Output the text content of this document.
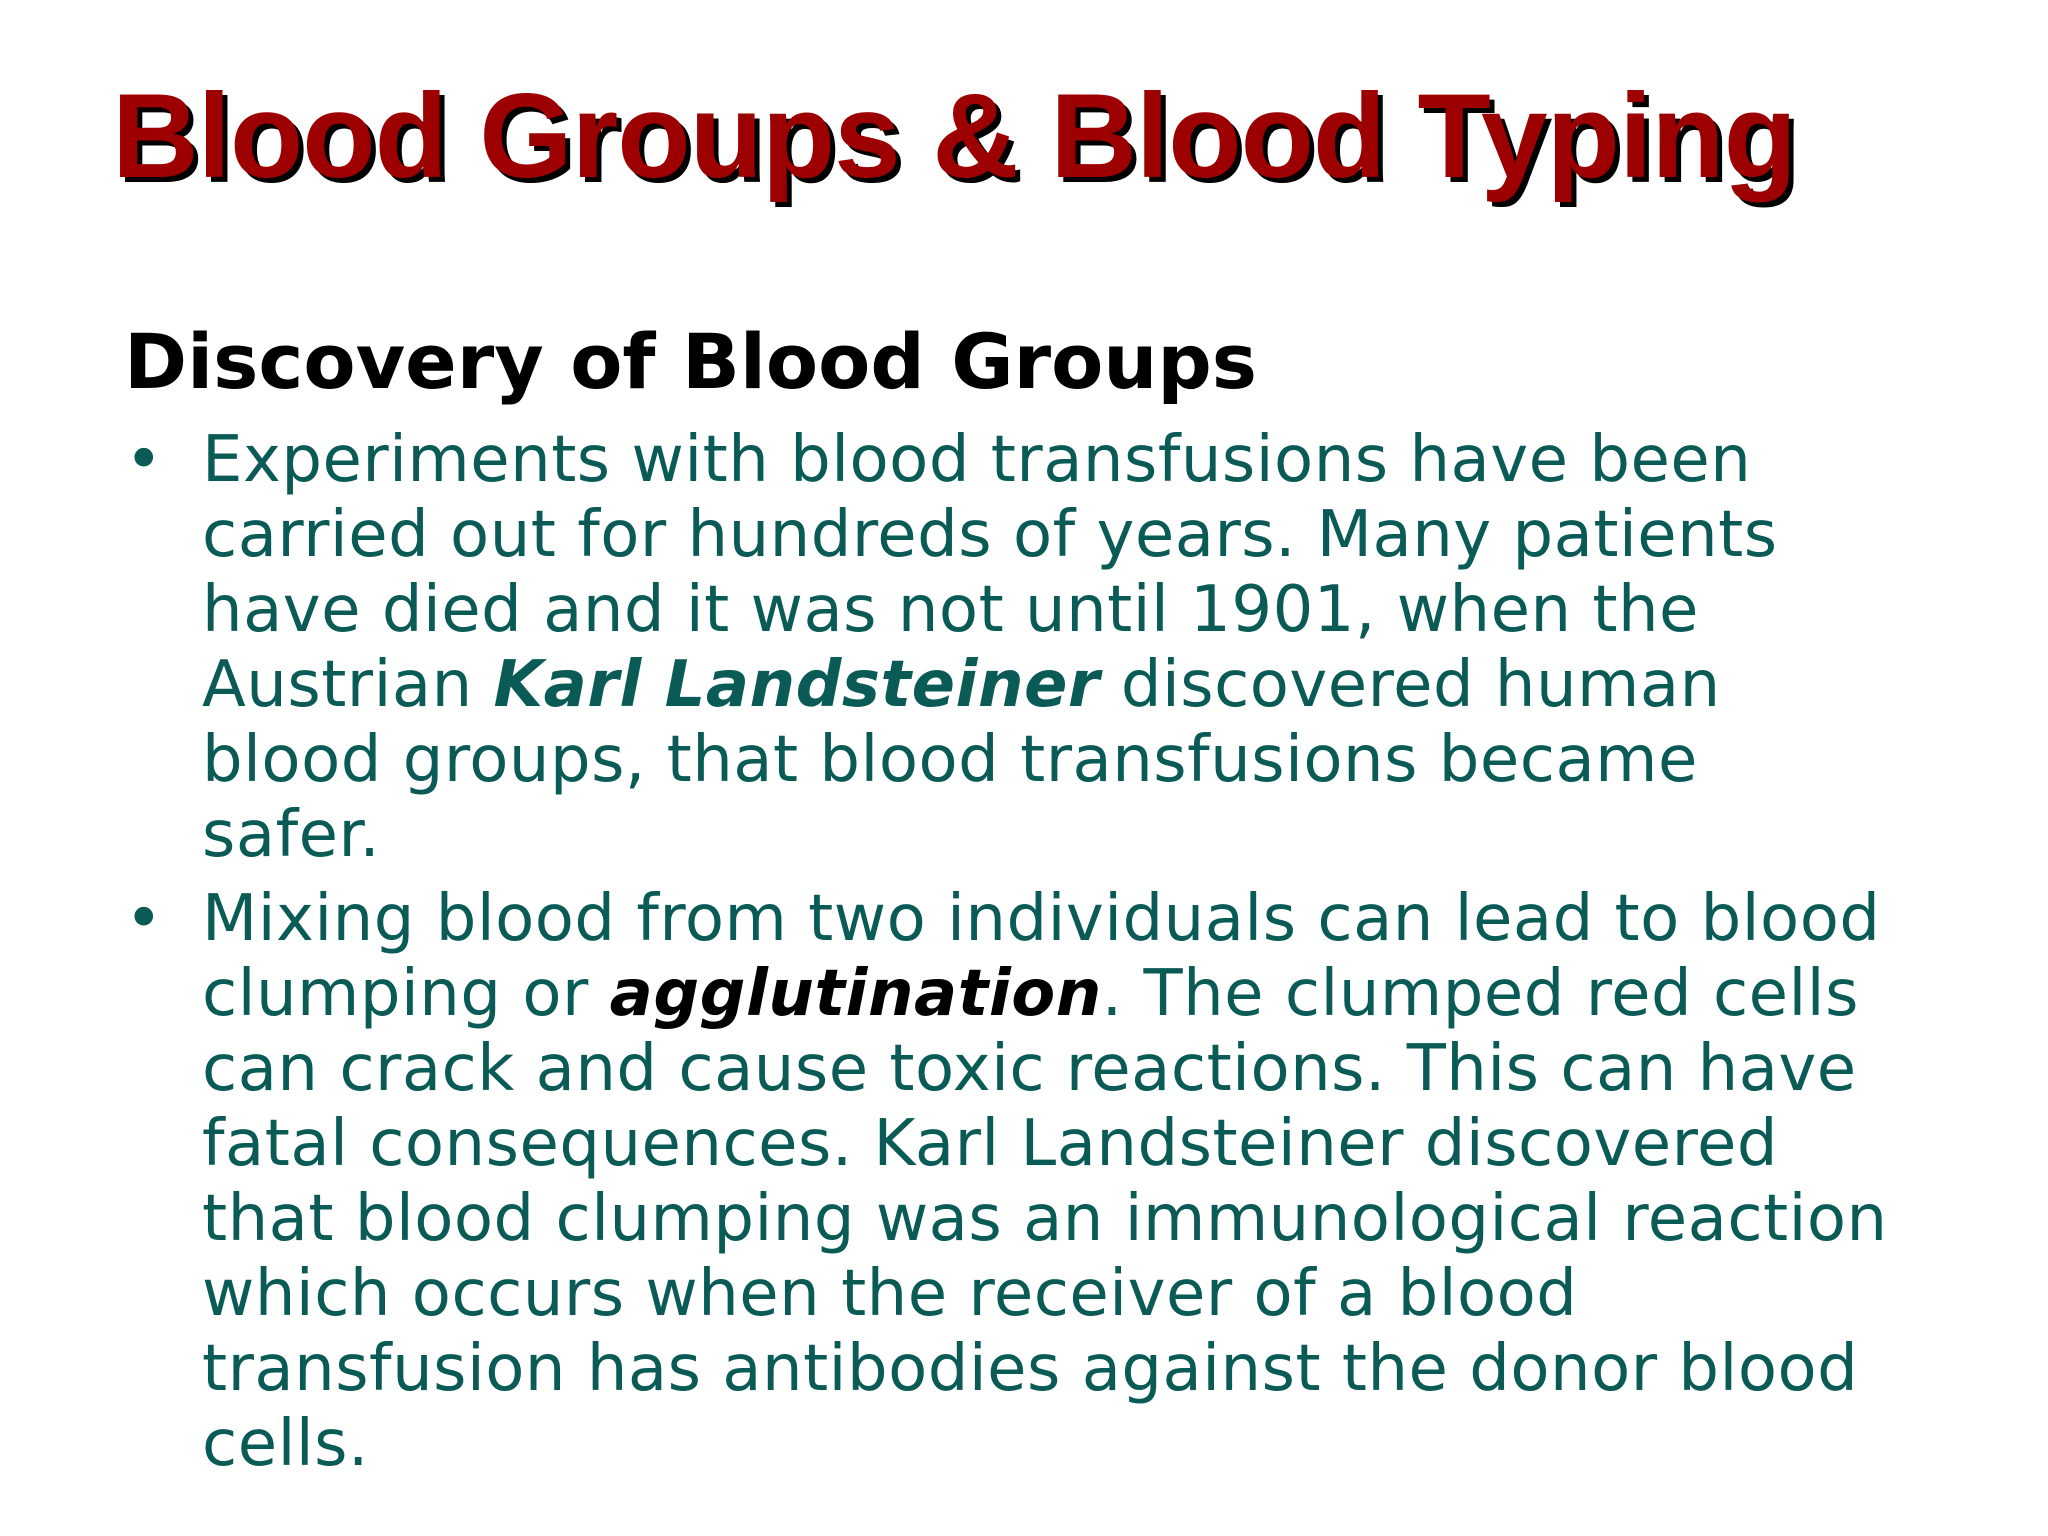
Blood Groups & Blood Typing
Discovery of Blood Groups
• Experiments with blood transfusions have been
carried out for hundreds of years. Many patients
have died and it was not until 1901, when the
Austrian Karl Landsteiner discovered human
blood groups, that blood transfusions became
safer.
• Mixing blood from two individuals can lead to blood
clumping or agglutination. The clumped red cells
can crack and cause toxic reactions. This can have
fatal consequences. Karl Landsteiner discovered
that blood clumping was an immunological reaction
which occurs when the receiver of a blood
transfusion has antibodies against the donor blood
cells.
